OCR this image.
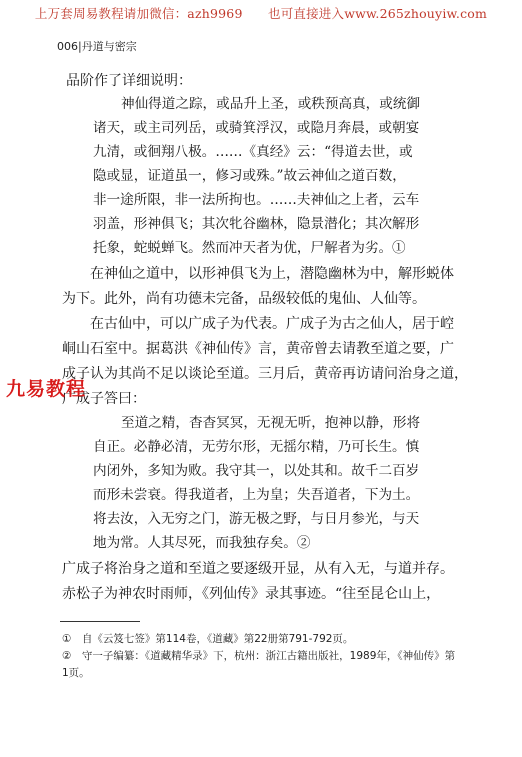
上万套周易教程请加微信：azh9969　　也可直接进入www.265zhouyiw.com
006|丹道与密宗
品阶作了详细说明：
神仙得道之踪，或品升上圣，或秩预高真，或统御
诸天，或主司列岳，或骑箕浮汉，或隐月奔晨，或朝宴
九清，或徊翔八极。……《真经》云：“得道去世，或
隐或显，证道虽一，修习或殊。”故云神仙之道百数，
非一途所限，非一法所拘也。……夫神仙之上者，云车
羽盖，形神俱飞；其次牝谷幽林，隐景潜化；其次解形
托象，蛇蜕蝉飞。然而冲天者为优，尸解者为劣。①
在神仙之道中，以形神俱飞为上，潜隐幽林为中，解形蜕体
为下。此外，尚有功德未完备，品级较低的鬼仙、人仙等。
在古仙中，可以广成子为代表。广成子为古之仙人，居于崆
峒山石室中。据葛洪《神仙传》言，黄帝曾去请教至道之要，广
成子认为其尚不足以谈论至道。三月后，黄帝再访请问治身之道，
广成子答曰：
至道之精，杳杳冥冥，无视无听，抱神以静，形将
自正。必静必清，无劳尔形，无摇尔精，乃可长生。慎
内闭外，多知为败。我守其一，以处其和。故千二百岁
而形未尝衰。得我道者，上为皇；失吾道者，下为土。
将去汝，入无穷之门，游无极之野，与日月参光，与天
地为常。人其尽死，而我独存矣。②
广成子将治身之道和至道之要逐级开显，从有入无，与道并存。
赤松子为神农时雨师，《列仙传》录其事迹。“往至昆仑山上，
九易教程
①　自《云笈七签》第114卷，《道藏》第22册第791-792页。
②　守一子编纂：《道藏精华录》下，杭州：浙江古籍出版社，1989年，《神仙传》第
1页。
